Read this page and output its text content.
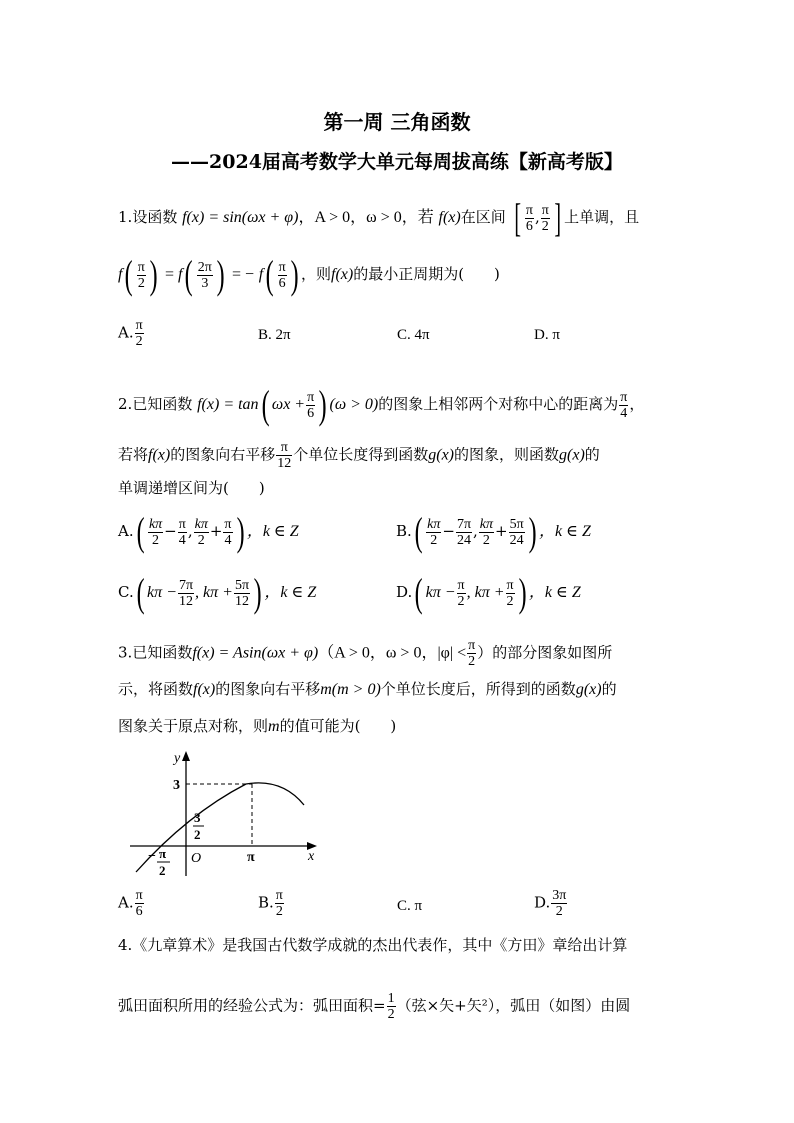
第一周 三角函数
——2024届高考数学大单元每周拔高练【新高考版】
1.设函数 f(x) = sin(ωx + φ)，A > 0，ω > 0，若 f(x)在区间 [ $\frac{\pi}{6}$ , $\frac{\pi}{2}$ ] 上单调，且
$f( \frac{\pi}{2}$ ) = $f( \frac{2\pi}{3}$ ) = − $f( \frac{\pi}{6}$ ) ，则f(x)的最小正周期为(　　)
A. $\frac{\pi}{2}$	B. 2π	C. 4π	D. π
2.已知函数 f(x) = tan( $\omega x + \frac{\pi}{6}$ ) (ω > 0)的图象上相邻两个对称中心的距离为 $\frac{\pi}{4}$ ，
若将f(x)的图象向右平移 $\frac{\pi}{12}$ 个单位长度得到函数g(x)的图象，则函数g(x)的
单调递增区间为(　　)
$A.( \frac{k\pi}{2} - \frac{\pi}{4}$ , $\frac{k\pi}{2} + \frac{\pi}{4}$ ) ，k ∈ Z	$B.( \frac{k\pi}{2} - \frac{7\pi}{24}$ , $\frac{k\pi}{2} + \frac{5\pi}{24}$ ) ，k ∈ Z
C.( $k\pi - \frac{7\pi}{12}$ , $k\pi + \frac{5\pi}{12}$ ) ，k ∈ Z	D.( $k\pi - \frac{\pi}{2}$ , $k\pi + \frac{\pi}{2}$ ) ，k ∈ Z
3.已知函数f(x) = Asin(ωx + φ)（A > 0，ω > 0，$|\varphi| < \frac{\pi}{2}$ ）的部分图象如图所
示，将函数f(x)的图象向右平移m(m > 0)个单位长度后，所得到的函数g(x)的
图象关于原点对称，则m的值可能为(　　)
y
x
O
3
3
2
− π
2
π
A. $\frac{\pi}{6}$	B. $\frac{\pi}{2}$	C. π	D. $\frac{3\pi}{2}$
4.《九章算术》是我国古代数学成就的杰出代表作，其中《方田》章给出计算
弧田面积所用的经验公式为：弧田面积= $\frac{1}{2}$ （弦×矢+矢²），弧田（如图）由圆
